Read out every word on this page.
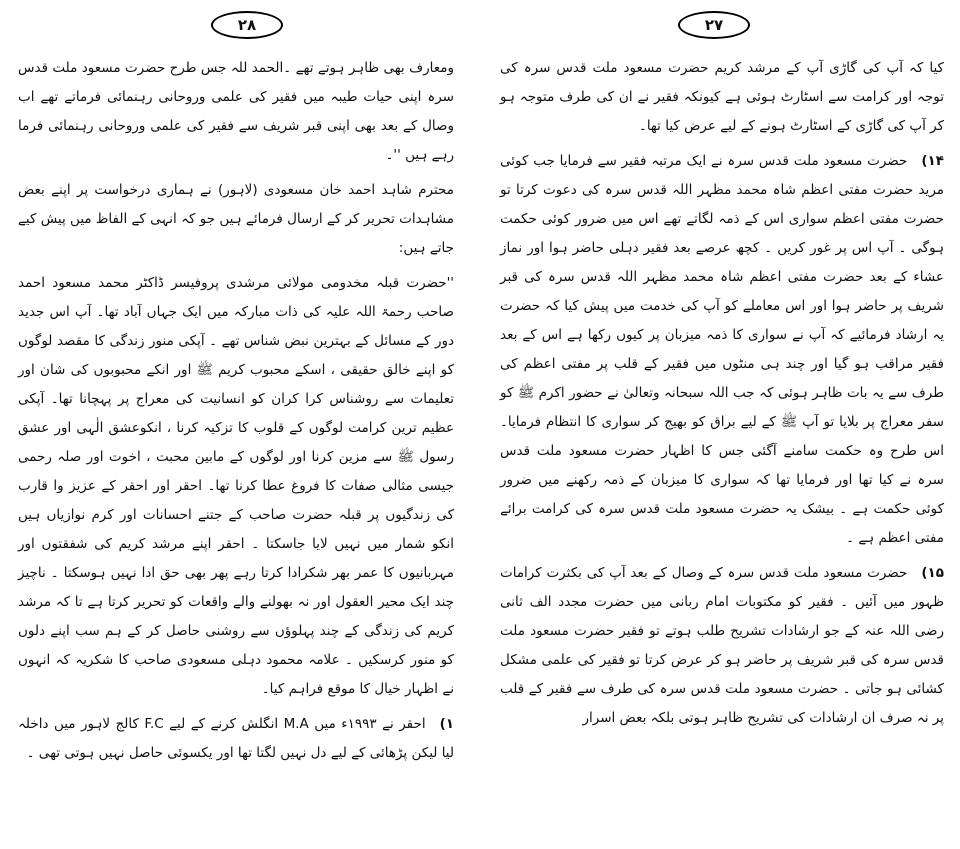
۲۸	۲۷

ومعارف بھی ظاہر ہوتے تھے ۔الحمد للہ جس طرح حضرت مسعود ملت قدس سرہ اپنی حیات طیبہ میں فقیر کی علمی وروحانی رہنمائی فرماتے تھے اب وصال کے بعد بھی اپنی قبر شریف سے فقیر کی علمی وروحانی رہنمائی فرما رہے ہیں ''۔

محترم شاہد احمد خان مسعودی (لاہور) نے ہماری درخواست پر اپنے بعض مشاہدات تحریر کر کے ارسال فرمائے ہیں جو کہ انہی کے الفاظ میں پیش کیے جاتے ہیں:

''حضرت قبلہ مخدومی مولائی مرشدی پروفیسر ڈاکٹر محمد مسعود احمد صاحب رحمۃ اللہ علیہ کی ذات مبارکہ میں ایک جہاں آباد تھا۔ آپ اس جدید دور کے مسائل کے بہترین نبض شناس تھے ۔ آپکی منور زندگی کا مقصد لوگوں کو اپنے خالق حقیقی ، اسکے محبوب کریم ﷺ اور انکے محبوبوں کی شان اور تعلیمات سے روشناس کرا کران کو انسانیت کی معراج پر پہچانا تھا۔ آپکی عظیم ترین کرامت لوگوں کے قلوب کا تزکیہ کرنا ، انکوعشق الٰہی اور عشق رسول ﷺ سے مزین کرنا اور لوگوں کے مابین محبت ، اخوت اور صلہ رحمی جیسی مثالی صفات کا فروغ عطا کرنا تھا۔ احقر اور احقر کے عزیز وا قارب کی زندگیوں پر قبلہ حضرت صاحب کے جتنے احسانات اور کرم نوازیاں ہیں انکو شمار میں نہیں لایا جاسکتا ۔ احقر اپنے مرشد کریم کی شفقتوں اور مہربانیوں کا عمر بھر شکرادا کرتا رہے پھر بھی حق ادا نہیں ہوسکتا ۔ ناچیز چند ایک محیر العقول اور نہ بھولنے والے واقعات کو تحریر کرتا ہے تا کہ مرشد کریم کی زندگی کے چند پہلوؤں سے روشنی حاصل کر کے ہم سب اپنے دلوں کو منور کرسکیں ۔ علامہ محمود دہلی مسعودی صاحب کا شکریہ کہ انہوں نے اظہار خیال کا موقع فراہم کیا۔

۱)احقر نے ۱۹۹۳ء میں M.A انگلش کرنے کے لیے F.C کالج لاہور میں داخلہ لیا لیکن پڑھائی کے لیے دل نہیں لگتا تھا اور یکسوئی حاصل نہیں ہوتی تھی ۔

کیا کہ آپ کی گاڑی آپ کے مرشد کریم حضرت مسعود ملت قدس سرہ کی توجہ اور کرامت سے اسٹارٹ ہوئی ہے کیونکہ فقیر نے ان کی طرف متوجہ ہو کر آپ کی گاڑی کے اسٹارٹ ہونے کے لیے عرض کیا تھا۔

۱۴)حضرت مسعود ملت قدس سرہ نے ایک مرتبہ فقیر سے فرمایا جب کوئی مرید حضرت مفتی اعظم شاہ محمد مظہر اللہ قدس سرہ کی دعوت کرتا تو حضرت مفتی اعظم سواری اس کے ذمہ لگاتے تھے اس میں ضرور کوئی حکمت ہوگی ۔ آپ اس پر غور کریں ۔ کچھ عرصے بعد فقیر دہلی حاضر ہوا اور نماز عشاء کے بعد حضرت مفتی اعظم شاہ محمد مظہر اللہ قدس سرہ کی قبر شریف پر حاضر ہوا اور اس معاملے کو آپ کی خدمت میں پیش کیا کہ حضرت یہ ارشاد فرمائیے کہ آپ نے سواری کا ذمہ میزبان پر کیوں رکھا ہے اس کے بعد فقیر مراقب ہو گیا اور چند ہی منٹوں میں فقیر کے قلب پر مفتی اعظم کی طرف سے یہ بات ظاہر ہوئی کہ جب اللہ سبحانہ وتعالیٰ نے حضور اکرم ﷺ کو سفر معراج پر بلایا تو آپ ﷺ کے لیے براق کو بھیج کر سواری کا انتظام فرمایا۔ اس طرح وہ حکمت سامنے آگئی جس کا اظہار حضرت مسعود ملت قدس سرہ نے کیا تھا اور فرمایا تھا کہ سواری کا میزبان کے ذمہ رکھنے میں ضرور کوئی حکمت ہے ۔ بیشک یہ حضرت مسعود ملت قدس سرہ کی کرامت برائے مفتی اعظم ہے ۔

۱۵)حضرت مسعود ملت قدس سرہ کے وصال کے بعد آپ کی بکثرت کرامات ظہور میں آئیں ۔ فقیر کو مکتوبات امام ربانی میں حضرت مجدد الف ثانی رضی اللہ عنہ کے جو ارشادات تشریح طلب ہوتے تو فقیر حضرت مسعود ملت قدس سرہ کی قبر شریف پر حاضر ہو کر عرض کرتا تو فقیر کی علمی مشکل کشائی ہو جاتی ۔ حضرت مسعود ملت قدس سرہ کی طرف سے فقیر کے قلب پر نہ صرف ان ارشادات کی تشریح ظاہر ہوتی بلکہ بعض اسرار
